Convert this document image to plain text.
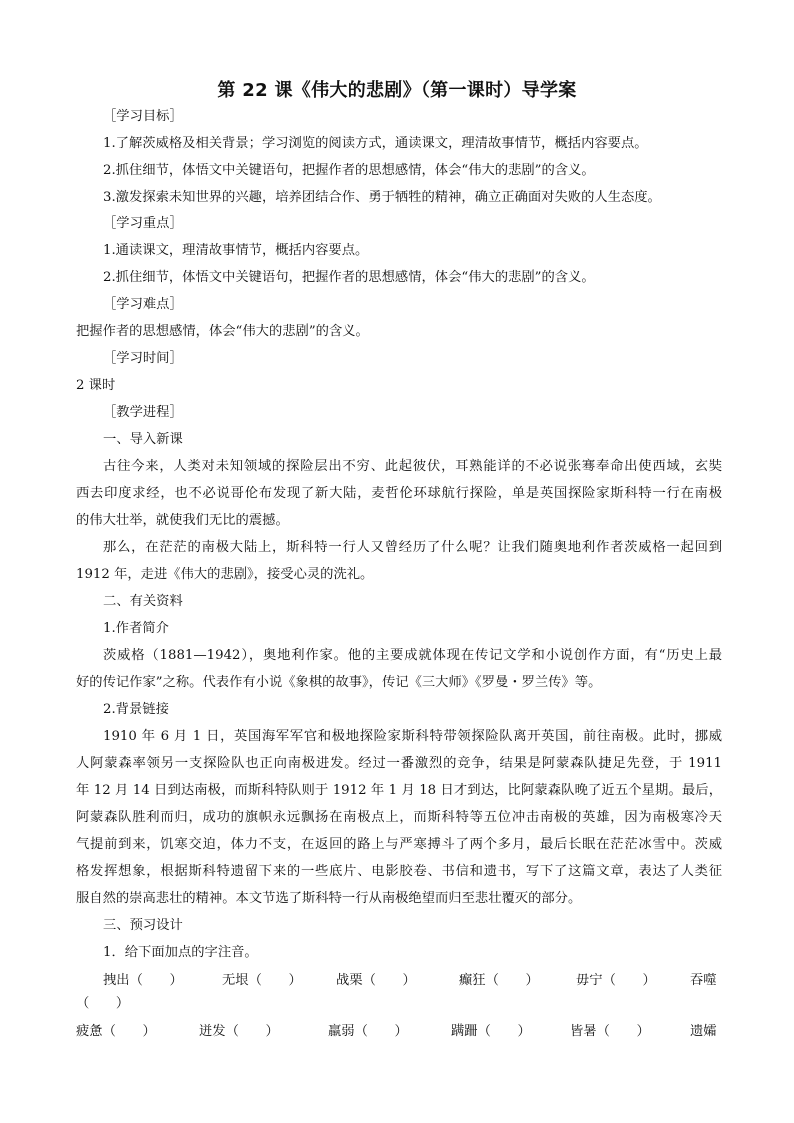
第 22 课《伟大的悲剧》（第一课时）导学案
［学习目标］
1.了解茨威格及相关背景；学习浏览的阅读方式，通读课文，理清故事情节，概括内容要点。
2.抓住细节，体悟文中关键语句，把握作者的思想感情，体会“伟大的悲剧”的含义。
3.激发探索未知世界的兴趣，培养团结合作、勇于牺牲的精神，确立正确面对失败的人生态度。
［学习重点］
1.通读课文，理清故事情节，概括内容要点。
2.抓住细节，体悟文中关键语句，把握作者的思想感情，体会“伟大的悲剧”的含义。
［学习难点］
把握作者的思想感情，体会“伟大的悲剧”的含义。
［学习时间］
2 课时
［教学进程］
一、导入新课
古往今来，人类对未知领域的探险层出不穷、此起彼伏，耳熟能详的不必说张骞奉命出使西域，玄奘
西去印度求经，也不必说哥伦布发现了新大陆，麦哲伦环球航行探险，单是英国探险家斯科特一行在南极
的伟大壮举，就使我们无比的震撼。
那么，在茫茫的南极大陆上，斯科特一行人又曾经历了什么呢？让我们随奥地利作者茨威格一起回到
1912 年，走进《伟大的悲剧》，接受心灵的洗礼。
二、有关资料
1.作者简介
茨威格（1881—1942），奥地利作家。他的主要成就体现在传记文学和小说创作方面，有“历史上最
好的传记作家”之称。代表作有小说《象棋的故事》，传记《三大师》《罗曼・罗兰传》等。
2.背景链接
1910 年 6 月 1 日，英国海军军官和极地探险家斯科特带领探险队离开英国，前往南极。此时，挪威
人阿蒙森率领另一支探险队也正向南极进发。经过一番激烈的竞争，结果是阿蒙森队捷足先登，于 1911
年 12 月 14 日到达南极，而斯科特队则于 1912 年 1 月 18 日才到达，比阿蒙森队晚了近五个星期。最后，
阿蒙森队胜利而归，成功的旗帜永远飘扬在南极点上，而斯科特等五位冲击南极的英雄，因为南极寒冷天
气提前到来，饥寒交迫，体力不支，在返回的路上与严寒搏斗了两个多月，最后长眠在茫茫冰雪中。茨威
格发挥想象，根据斯科特遗留下来的一些底片、电影胶卷、书信和遗书，写下了这篇文章，表达了人类征
服自然的崇高悲壮的精神。本文节选了斯科特一行从南极绝望而归至悲壮覆灭的部分。
三、预习设计
1．给下面加点的字注音。
拽出（　　）	无垠（　　）	战栗（　　）	癫狂（　　）	毋宁（　　）	吞噬
（　　）
疲惫（　　）	迸发（　　）	羸弱（　　）	蹒跚（　　）	皆暑（　　）	遗孀
